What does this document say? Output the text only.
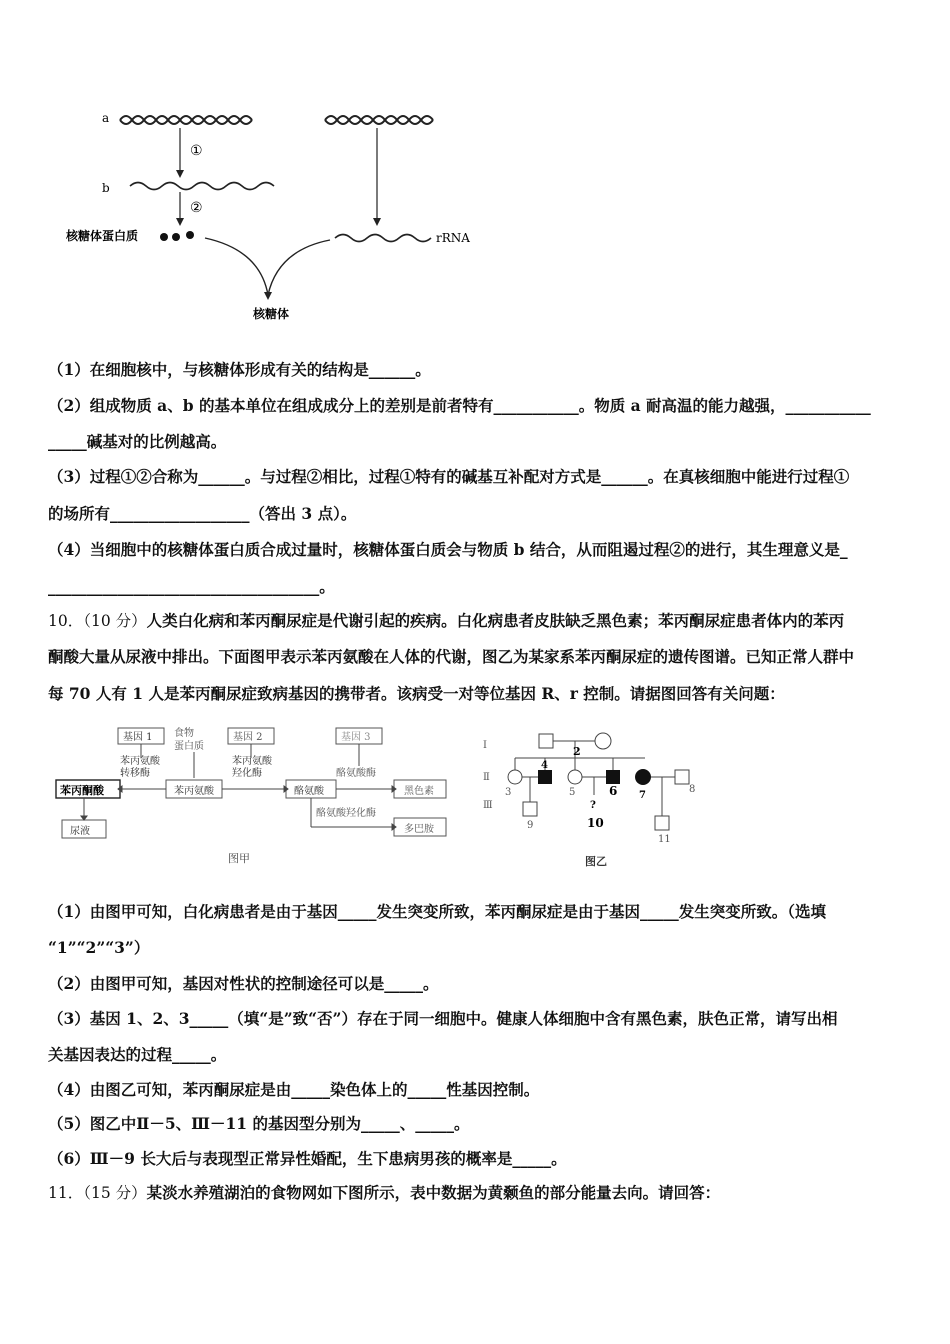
a
①
b
②
核糖体蛋白质	rRNA
核糖体
（1）在细胞核中，与核糖体形成有关的结构是______。
（2）组成物质 a、b 的基本单位在组成成分上的差别是前者特有___________。物质 a 耐高温的能力越强，___________
_____碱基对的比例越高。
（3）过程①②合称为______。与过程②相比，过程①特有的碱基互补配对方式是______。在真核细胞中能进行过程①
的场所有__________________（答出 3 点）。
（4）当细胞中的核糖体蛋白质合成过量时，核糖体蛋白质会与物质 b 结合，从而阻遏过程②的进行，其生理意义是_
___________________________________。
10．（10 分）人类白化病和苯丙酮尿症是代谢引起的疾病。白化病患者皮肤缺乏黑色素；苯丙酮尿症患者体内的苯丙
酮酸大量从尿液中排出。下面图甲表示苯丙氨酸在人体的代谢，图乙为某家系苯丙酮尿症的遗传图谱。已知正常人群中
每 70 人有 1 人是苯丙酮尿症致病基因的携带者。该病受一对等位基因 R、r 控制。请据图回答有关问题：
基因 1 食物
蛋白质
基因 2	基因 3
苯丙氨酸
转移酶
苯丙氨酸
羟化酶	酪氨酸酶
酪氨酸羟化酶
苯丙酮酸	苯丙氨酸	酪氨酸	黑色素
尿液	多巴胺
图甲
Ⅰ
Ⅱ
Ⅲ
2
3
4
5	6 7
8
9
?
10
11
图乙
（1）由图甲可知，白化病患者是由于基因_____发生突变所致，苯丙酮尿症是由于基因_____发生突变所致。（选填
“1”“2”“3”）
（2）由图甲可知，基因对性状的控制途径可以是_____。
（3）基因 1、2、3_____（填“是”致“否”）存在于同一细胞中。健康人体细胞中含有黑色素，肤色正常，请写出相
关基因表达的过程_____。
（4）由图乙可知，苯丙酮尿症是由_____染色体上的_____性基因控制。
（5）图乙中Ⅱ－5、Ⅲ－11 的基因型分别为_____、_____。
（6）Ⅲ－9 长大后与表现型正常异性婚配，生下患病男孩的概率是_____。
11．（15 分）某淡水养殖湖泊的食物网如下图所示，表中数据为黄颡鱼的部分能量去向。请回答：
